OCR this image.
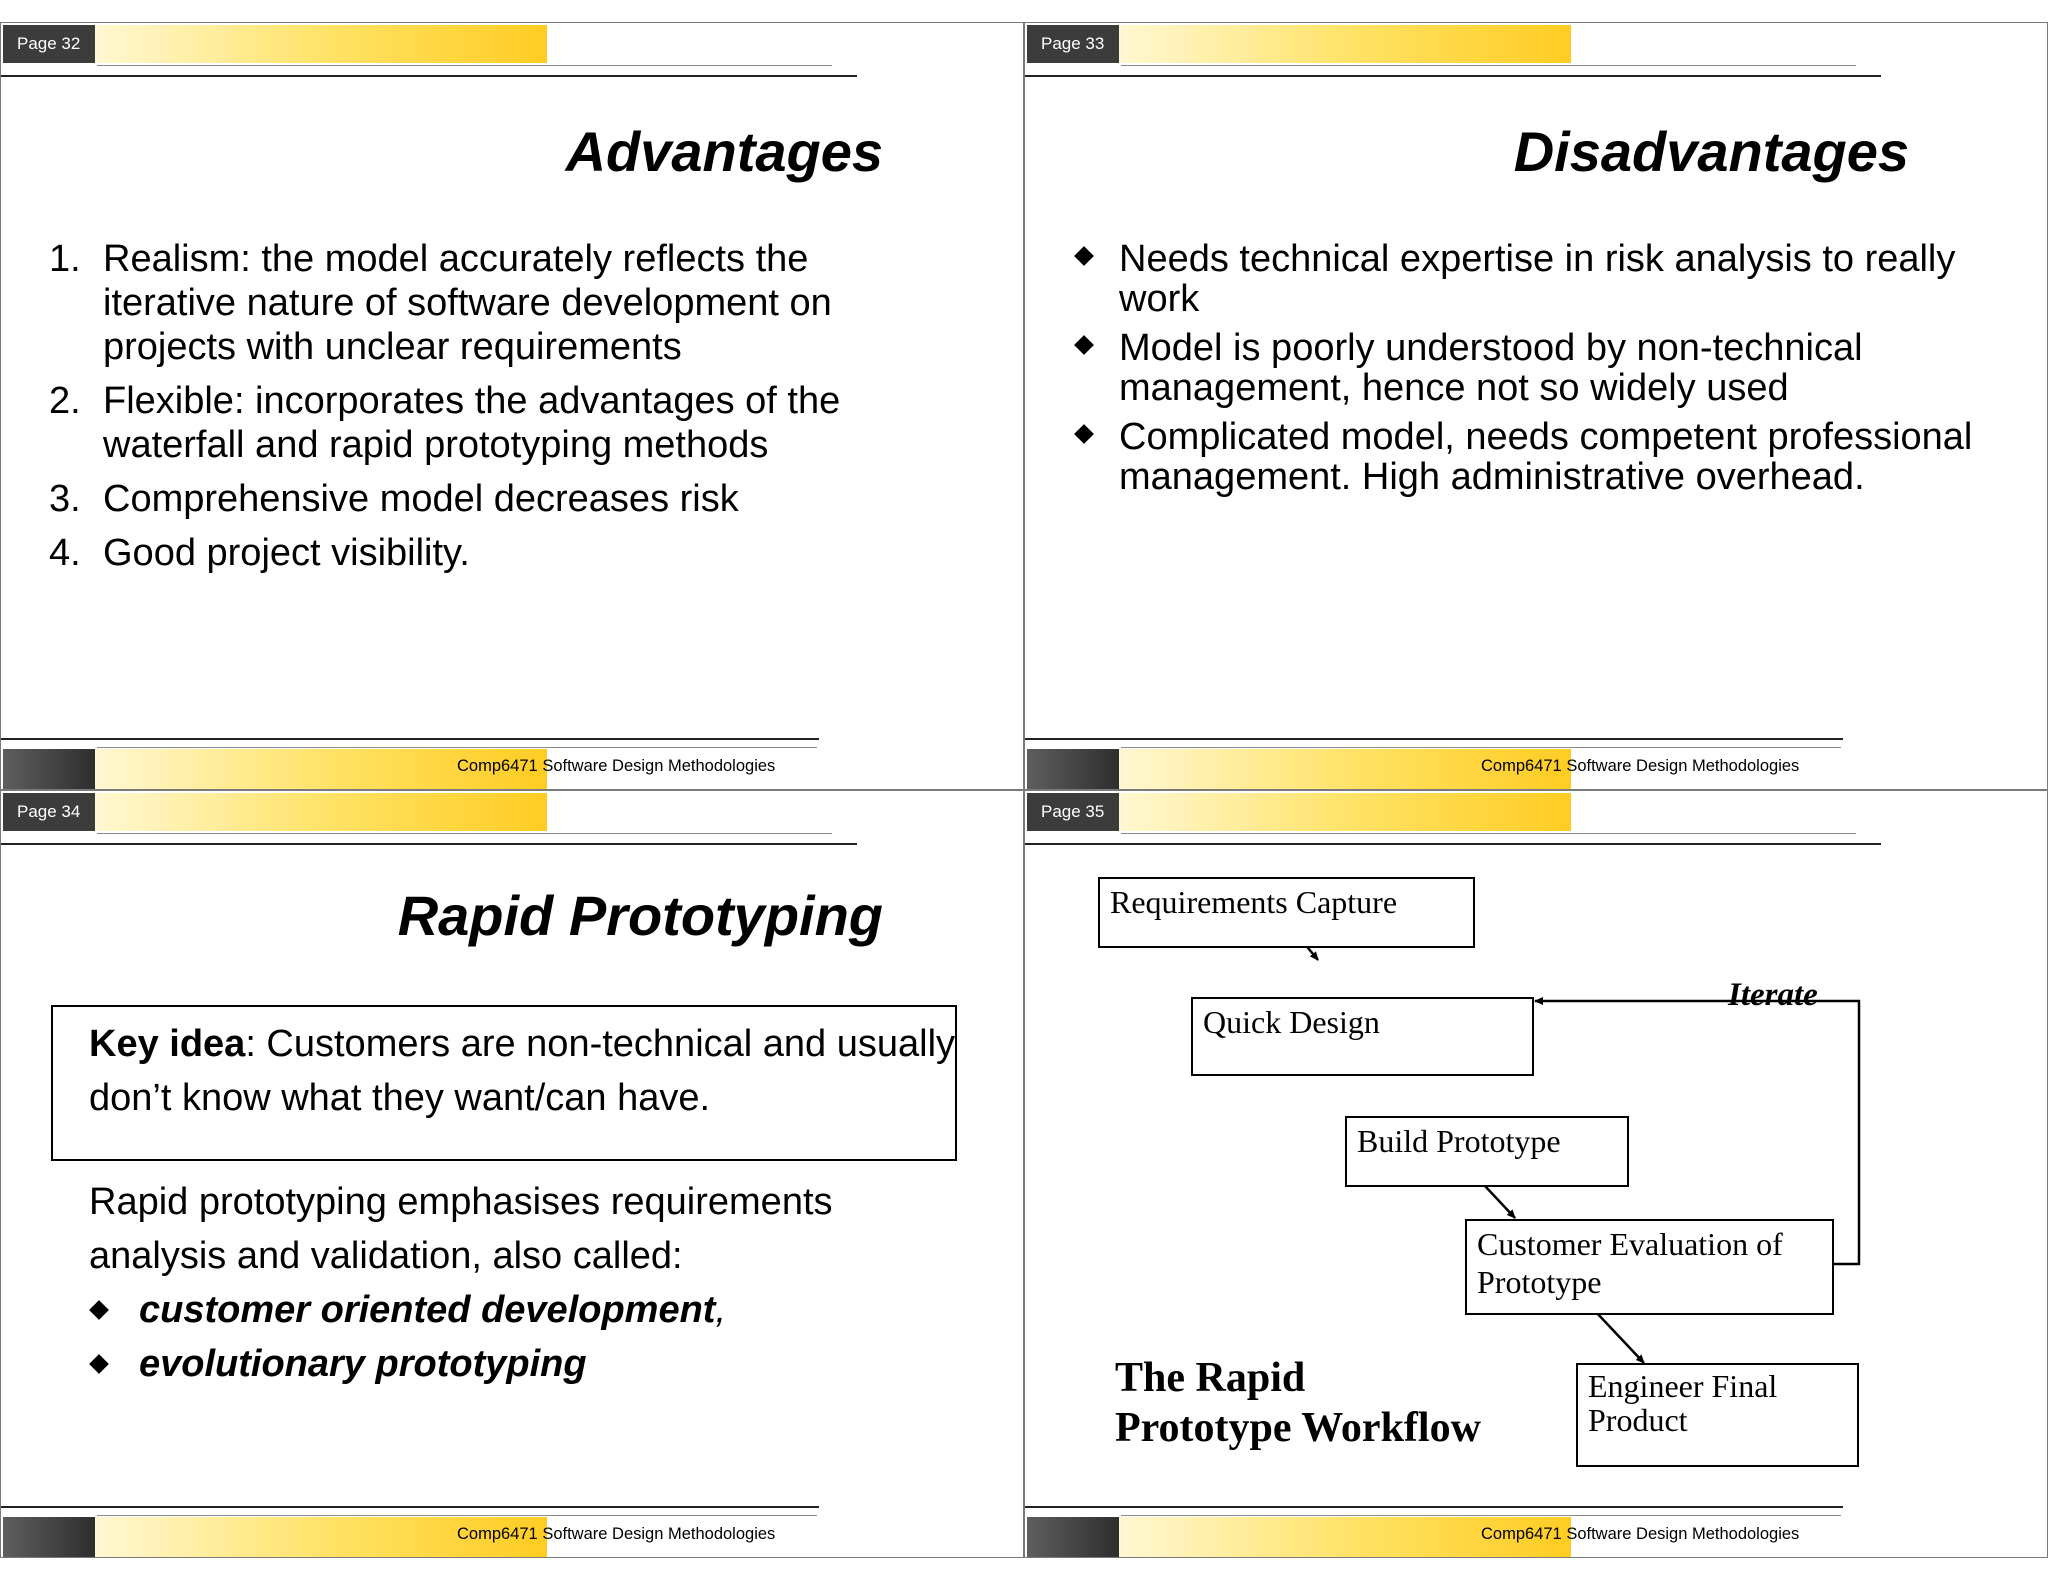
Page 32
Advantages
1. Realism: the model accurately reflects the iterative nature of software development on projects with unclear requirements
2. Flexible: incorporates the advantages of the waterfall and rapid prototyping methods
3. Comprehensive model decreases risk
4. Good project visibility.
Comp6471 Software Design Methodologies
Page 33
Disadvantages
Needs technical expertise in risk analysis to really work
Model is poorly understood by non-technical management, hence not so widely used
Complicated model, needs competent professional management. High administrative overhead.
Comp6471 Software Design Methodologies
Page 34
Rapid Prototyping
Key idea: Customers are non-technical and usually don’t know what they want/can have.
Rapid prototyping emphasises requirements analysis and validation, also called:
customer oriented development,
evolutionary prototyping
Comp6471 Software Design Methodologies
Page 35
Requirements Capture
Quick Design
Build Prototype
Customer Evaluation of Prototype
Engineer Final Product
Iterate
The Rapid
Prototype Workflow
Comp6471 Software Design Methodologies
